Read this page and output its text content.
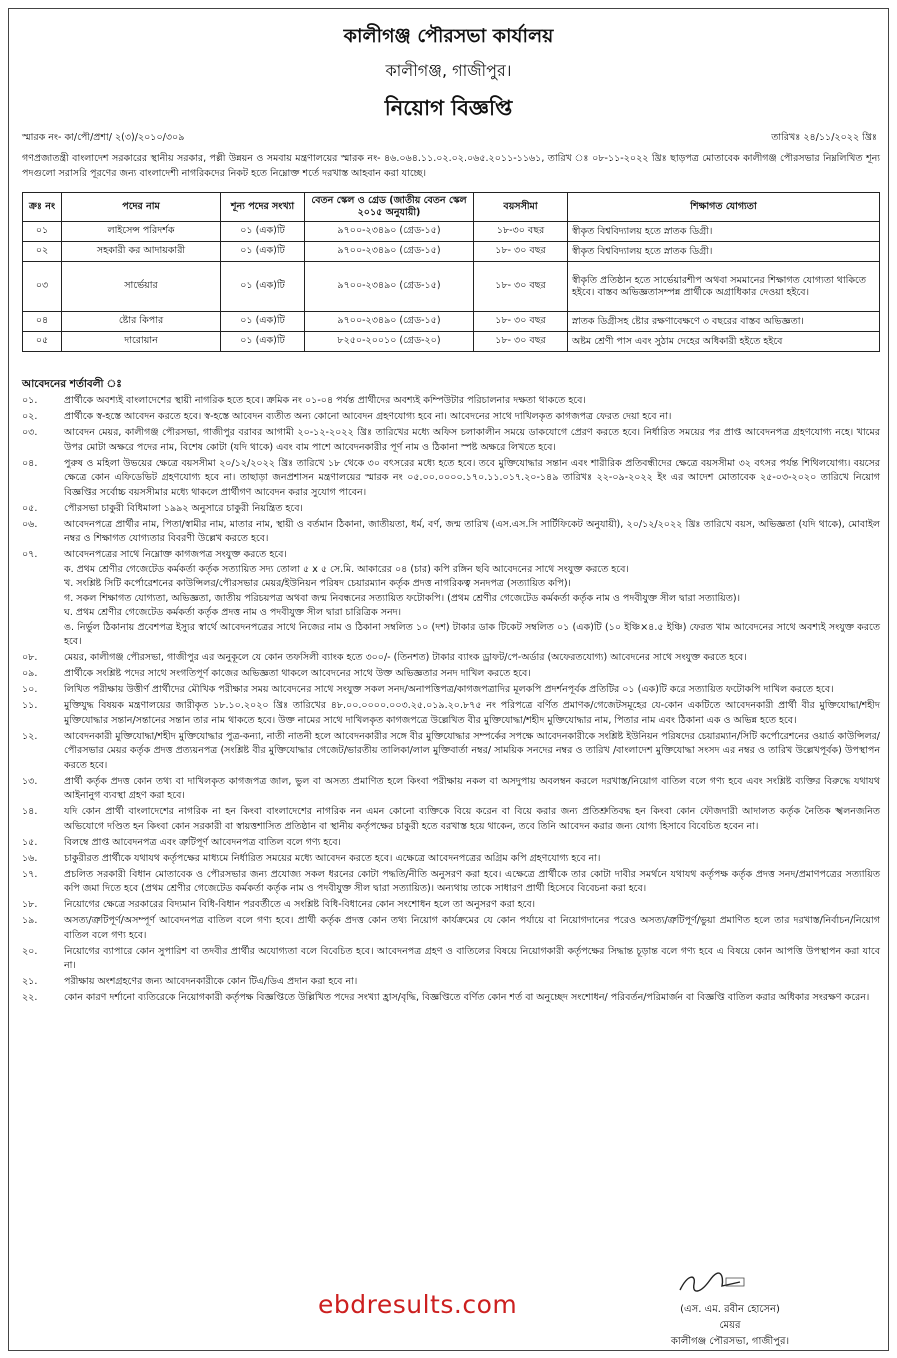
কালীগঞ্জ পৌরসভা কার্যালয়
কালীগঞ্জ, গাজীপুর।
নিয়োগ বিজ্ঞপ্তি
স্মারক নং- কা/পৌ/প্রশা/ ২(৩)/২০১০/৩০৯	তারিখঃ ২৪/১১/২০২২ খ্রিঃ
গণপ্রজাতন্ত্রী বাংলাদেশ সরকারের স্থানীয় সরকার, পল্লী উন্নয়ন ও সমবায় মন্ত্রণালয়ের স্মারক নং- ৪৬.০৬৪.১১.০২.০২.০৬৫.২০১১-১১৬১, তারিখ ঃ ০৮-১১-২০২২ খ্রিঃ ছাড়পত্র মোতাবেক কালীগঞ্জ পৌরসভার নিম্নলিখিত শূন্য পদগুলো সরাসরি পূরণের জন্য বাংলাদেশী নাগরিকদের নিকট হতে নিম্নোক্ত শর্তে দরখাস্ত আহবান করা যাচ্ছে।
ক্রঃ নং	পদের নাম	শূন্য পদের সংখ্যা	বেতন স্কেল ও গ্রেড (জাতীয় বেতন স্কেল ২০১৫ অনুযায়ী)	বয়সসীমা	শিক্ষাগত যোগ্যতা
০১	লাইসেন্স পরিদর্শক	০১ (এক)টি	৯৭০০-২৩৪৯০ (গ্রেড-১৫)	১৮-৩০ বছর	স্বীকৃত বিশ্ববিদ্যালয় হতে স্নাতক ডিগ্রী।
০২	সহকারী কর আদায়কারী	০১ (এক)টি	৯৭০০-২৩৪৯০ (গ্রেড-১৫)	১৮- ৩০ বছর	স্বীকৃত বিশ্ববিদ্যালয় হতে স্নাতক ডিগ্রী।
০৩	সার্ভেয়ার	০১ (এক)টি	৯৭০০-২৩৪৯০ (গ্রেড-১৫)	১৮- ৩০ বছর	স্বীকৃতি প্রতিষ্ঠান হতে সার্ভেয়ারশীপ অথবা সমমানের শিক্ষাগত যোগ্যতা থাকিতে হইবে। বাস্তব অভিজ্ঞতাসম্পন্ন প্রার্থীকে অগ্রাধিকার দেওয়া হইবে।
০৪	ষ্টোর কিপার	০১ (এক)টি	৯৭০০-২৩৪৯০ (গ্রেড-১৫)	১৮- ৩০ বছর	স্নাতক ডিগ্রীসহ ষ্টোর রক্ষণাবেক্ষণে ৩ বছরের বাস্তব অভিজ্ঞতা।
০৫	দারোয়ান	০১ (এক)টি	৮২৫০-২০০১০ (গ্রেড-২০)	১৮- ৩০ বছর	অষ্টম শ্রেণী পাস এবং সুঠাম দেহের অধিকারী হইতে হইবে
আবেদনের শর্তাবলী ঃ
০১.	প্রার্থীকে অবশ্যই বাংলাদেশের স্থায়ী নাগরিক হতে হবে। ক্রমিক নং ০১-০৪ পর্যন্ত প্রার্থীদের অবশ্যই কম্পিউটার পরিচালনার দক্ষতা থাকতে হবে।
০২.	প্রার্থীকে স্ব-হস্তে আবেদন করতে হবে। স্ব-হস্তে আবেদন ব্যতীত অন্য কোনো আবেদন গ্রহণযোগ্য হবে না। আবেদনের সাথে দাখিলকৃত কাগজপত্র ফেরত দেয়া হবে না।
০৩.	আবেদন মেয়র, কালীগঞ্জ পৌরসভা, গাজীপুর বরাবর আগামী ২০-১২-২০২২ খ্রিঃ তারিখের মধ্যে অফিস চলাকালীন সময়ে ডাকযোগে প্রেরণ করতে হবে। নির্ধারিত সময়ের পর প্রাপ্ত আবেদনপত্র গ্রহণযোগ্য নহে। খামের উপর মোটা অক্ষরে পদের নাম, বিশেষ কোটা (যদি থাকে) এবং বাম পাশে আবেদনকারীর পূর্ণ নাম ও ঠিকানা স্পষ্ট অক্ষরে লিখতে হবে।
০৪.	পুরুষ ও মহিলা উভয়ের ক্ষেত্রে বয়সসীমা ২০/১২/২০২২ খ্রিঃ তারিখে ১৮ থেকে ৩০ বৎসরের মধ্যে হতে হবে। তবে মুক্তিযোদ্ধার সন্তান এবং শারীরিক প্রতিবন্ধীদের ক্ষেত্রে বয়সসীমা ৩২ বৎসর পর্যন্ত শিথিলযোগ্য। বয়সের ক্ষেত্রে কোন এফিডেভিট গ্রহণযোগ্য হবে না। তাছাড়া জনপ্রশাসন মন্ত্রণালয়ের স্মারক নং ০৫.০০.০০০০.১৭০.১১.০১৭.২০-১৪৯ তারিখঃ ২২-০৯-২০২২ ইং এর আদেশ মোতাবেক ২৫-০৩-২০২০ তারিখে নিয়োগ বিজ্ঞপ্তির সর্বোচ্চ বয়সসীমার মধ্যে থাকলে প্রার্থীগণ আবেদন করার সুযোগ পাবেন।
০৫.	পৌরসভা চাকুরী বিধিমালা ১৯৯২ অনুসারে চাকুরী নিয়ন্ত্রিত হবে।
০৬.	আবেদনপত্রে প্রার্থীর নাম, পিতা/স্বামীর নাম, মাতার নাম, স্থায়ী ও বর্তমান ঠিকানা, জাতীয়তা, ধর্ম, বর্ণ, জন্ম তারিখ (এস.এস.সি সার্টিফিকেট অনুযায়ী), ২০/১২/২০২২ খ্রিঃ তারিখে বয়স, অভিজ্ঞতা (যদি থাকে), মোবাইল নম্বর ও শিক্ষাগত যোগ্যতার বিবরণী উল্লেখ করতে হবে।
০৭.	আবেদনপত্রের সাথে নিম্নোক্ত কাগজপত্র সংযুক্ত করতে হবে।
ক. প্রথম শ্রেণীর গেজেটেড কর্মকর্তা কর্তৃক সত্যায়িত সদ্য তোলা ৫ x ৫ সে.মি. আকারের ০৪ (চার) কপি রঙ্গিন ছবি আবেদনের সাথে সংযুক্ত করতে হবে।
খ. সংশ্লিষ্ট সিটি কর্পোরেশনের কাউন্সিলর/পৌরসভার মেয়র/ইউনিয়ন পরিষদ চেয়ারম্যান কর্তৃক প্রদত্ত নাগরিকত্ব সনদপত্র (সত্যায়িত কপি)।
গ. সকল শিক্ষাগত যোগ্যতা, অভিজ্ঞতা, জাতীয় পরিচয়পত্র অথবা জন্ম নিবন্ধনের সত্যায়িত ফটোকপি। (প্রথম শ্রেণীর গেজেটেড কর্মকর্তা কর্তৃক নাম ও পদবীযুক্ত সীল দ্বারা সত্যায়িত)।
ঘ. প্রথম শ্রেণীর গেজেটেড কর্মকর্তা কর্তৃক প্রদত্ত নাম ও পদবীযুক্ত সীল দ্বারা চারিত্রিক সনদ।
ঙ. নির্ভুল ঠিকানায় প্রবেশপত্র ইস্যুর স্বার্থে আবেদনপত্রের সাথে নিজের নাম ও ঠিকানা সম্বলিত ১০ (দশ) টাকার ডাক টিকেট সম্বলিত ০১ (এক)টি (১০ ইঞ্চি×৪.৫ ইঞ্চি) ফেরত খাম আবেদনের সাথে অবশ্যই সংযুক্ত করতে হবে।
০৮.	মেয়র, কালীগঞ্জ পৌরসভা, গাজীপুর এর অনুকূলে যে কোন তফসিলী ব্যাংক হতে ৩০০/- (তিনশত) টাকার ব্যাংক ড্রাফট/পে-অর্ডার (অফেরতযোগ্য) আবেদনের সাথে সংযুক্ত করতে হবে।
০৯.	প্রার্থীকে সংশ্লিষ্ট পদের সাথে সংগতিপূর্ণ কাজের অভিজ্ঞতা থাকলে আবেদনের সাথে উক্ত অভিজ্ঞতার সনদ দাখিল করতে হবে।
১০.	লিখিত পরীক্ষায় উত্তীর্ণ প্রার্থীদের মৌখিক পরীক্ষার সময় আবেদনের সাথে সংযুক্ত সকল সনদ/অনাপত্তিপত্র/কাগজপত্রাদির মূলকপি প্রদর্শনপূর্বক প্রতিটির ০১ (এক)টি করে সত্যায়িত ফটোকপি দাখিল করতে হবে।
১১.	মুক্তিযুদ্ধ বিষয়ক মন্ত্রণালয়ের জারীকৃত ১৮.১০.২০২০ খ্রিঃ তারিখের ৪৮.০০.০০০০.০০৩.২৫.০১৯.২০.৮৭৫ নং পরিপত্রে বর্ণিত প্রমাণক/গেজেটসমূহের যে-কোন একটিতে আবেদনকারী প্রার্থী বীর মুক্তিযোদ্ধা/শহীদ মুক্তিযোদ্ধার সন্তান/সন্তানের সন্তান তার নাম থাকতে হবে। উক্ত নামের সাথে দাখিলকৃত কাগজপত্রে উল্লেখিত বীর মুক্তিযোদ্ধা/শহীদ মুক্তিযোদ্ধার নাম, পিতার নাম এবং ঠিকানা এক ও অভিন্ন হতে হবে।
১২.	আবেদনকারী মুক্তিযোদ্ধা/শহীদ মুক্তিযোদ্ধার পুত্র-কন্যা, নাতী নাতনী হলে আবেদনকারীর সঙ্গে বীর মুক্তিযোদ্ধার সম্পর্কের সপক্ষে আবেদনকারীকে সংশ্লিষ্ট ইউনিয়ন পরিষদের চেয়ারম্যান/সিটি কর্পোরেশনের ওয়ার্ড কাউন্সিলর/পৌরসভার মেয়র কর্তৃক প্রদত্ত প্রত্যয়নপত্র (সংশ্লিষ্ট বীর মুক্তিযোদ্ধার গেজেট/ভারতীয় তালিকা/লাল মুক্তিবার্তা নম্বর/ সাময়িক সনদের নম্বর ও তারিখ /বাংলাদেশ মুক্তিযোদ্ধা সংসদ এর নম্বর ও তারিখ উল্লেখপূর্বক) উপস্থাপন করতে হবে।
১৩.	প্রার্থী কর্তৃক প্রদত্ত কোন তথ্য বা দাখিলকৃত কাগজপত্র জাল, ভুল বা অসত্য প্রমাণিত হলে কিংবা পরীক্ষায় নকল বা অসদুপায় অবলম্বন করলে দরখাস্ত/নিয়োগ বাতিল বলে গণ্য হবে এবং সংশ্লিষ্ট ব্যক্তির বিরুদ্ধে যথাযথ আইনানুগ ব্যবস্থা গ্রহণ করা হবে।
১৪.	যদি কোন প্রার্থী বাংলাদেশের নাগরিক না হন কিংবা বাংলাদেশের নাগরিক নন এমন কোনো ব্যক্তিকে বিয়ে করেন বা বিয়ে করার জন্য প্রতিশ্রুতিবদ্ধ হন কিংবা কোন ফৌজদারী আদালত কর্তৃক নৈতিক স্খলনজনিত অভিযোগে দণ্ডিত হন কিংবা কোন সরকারী বা স্বায়ত্তশাসিত প্রতিষ্ঠান বা স্থানীয় কর্তৃপক্ষের চাকুরী হতে বরখাস্ত হয়ে থাকেন, তবে তিনি আবেদন করার জন্য যোগ্য হিসাবে বিবেচিত হবেন না।
১৫.	বিলম্বে প্রাপ্ত আবেদনপত্র এবং ত্রুটিপূর্ণ আবেদনপত্র বাতিল বলে গণ্য হবে।
১৬.	চাকুরীরত প্রার্থীকে যথাযথ কর্তৃপক্ষের মাধ্যমে নির্ধারিত সময়ের মধ্যে আবেদন করতে হবে। এক্ষেত্রে আবেদনপত্রের অগ্রিম কপি গ্রহণযোগ্য হবে না।
১৭.	প্রচলিত সরকারী বিধান মোতাবেক ও পৌরসভার জন্য প্রযোজ্য সকল ধরনের কোটা পদ্ধতি/নীতি অনুসরণ করা হবে। এক্ষেত্রে প্রার্থীকে তার কোটা দাবীর সমর্থনে যথাযথ কর্তৃপক্ষ কর্তৃক প্রদত্ত সনদ/প্রমাণপত্রের সত্যায়িত কপি জমা দিতে হবে (প্রথম শ্রেণীর গেজেটেড কর্মকর্তা কর্তৃক নাম ও পদবীযুক্ত সীল দ্বারা সত্যায়িত)। অন্যথায় তাকে সাধারণ প্রার্থী হিসেবে বিবেচনা করা হবে।
১৮.	নিয়োগের ক্ষেত্রে সরকারের বিদ্যমান বিধি-বিধান পরবর্তীতে এ সংশ্লিষ্ট বিধি-বিধানের কোন সংশোধন হলে তা অনুসরণ করা হবে।
১৯.	অসত্য/ত্রুটিপূর্ণ/অসম্পূর্ণ আবেদনপত্র বাতিল বলে গণ্য হবে। প্রার্থী কর্তৃক প্রদত্ত কোন তথ্য নিয়োগ কার্যক্রমের যে কোন পর্যায়ে বা নিয়োগদানের পরেও অসত্য/ত্রুটিপূর্ণ/ভুয়া প্রমাণিত হলে তার দরখাস্ত/নির্বাচন/নিয়োগ বাতিল বলে গণ্য হবে।
২০.	নিয়োগের ব্যাপারে কোন সুপারিশ বা তদবীর প্রার্থীর অযোগ্যতা বলে বিবেচিত হবে। আবেদনপত্র গ্রহণ ও বাতিলের বিষয়ে নিয়োগকারী কর্তৃপক্ষের সিদ্ধান্ত চূড়ান্ত বলে গণ্য হবে এ বিষয়ে কোন আপত্তি উপস্থাপন করা যাবে না।
২১.	পরীক্ষায় অংশগ্রহণের জন্য আবেদনকারীকে কোন টিএ/ডিএ প্রদান করা হবে না।
২২.	কোন কারণ দর্শানো ব্যতিরেকে নিয়োগকারী কর্তৃপক্ষ বিজ্ঞপ্তিতে উল্লিখিত পদের সংখ্যা হ্রাস/বৃদ্ধি, বিজ্ঞপ্তিতে বর্ণিত কোন শর্ত বা অনুচ্ছেদ সংশোধন/ পরিবর্তন/পরিমার্জন বা বিজ্ঞপ্তি বাতিল করার অধিকার সংরক্ষণ করেন।
ebdresults.com	(এস. এম. রবীন হোসেন)
মেয়র
কালীগঞ্জ পৌরসভা, গাজীপুর।
